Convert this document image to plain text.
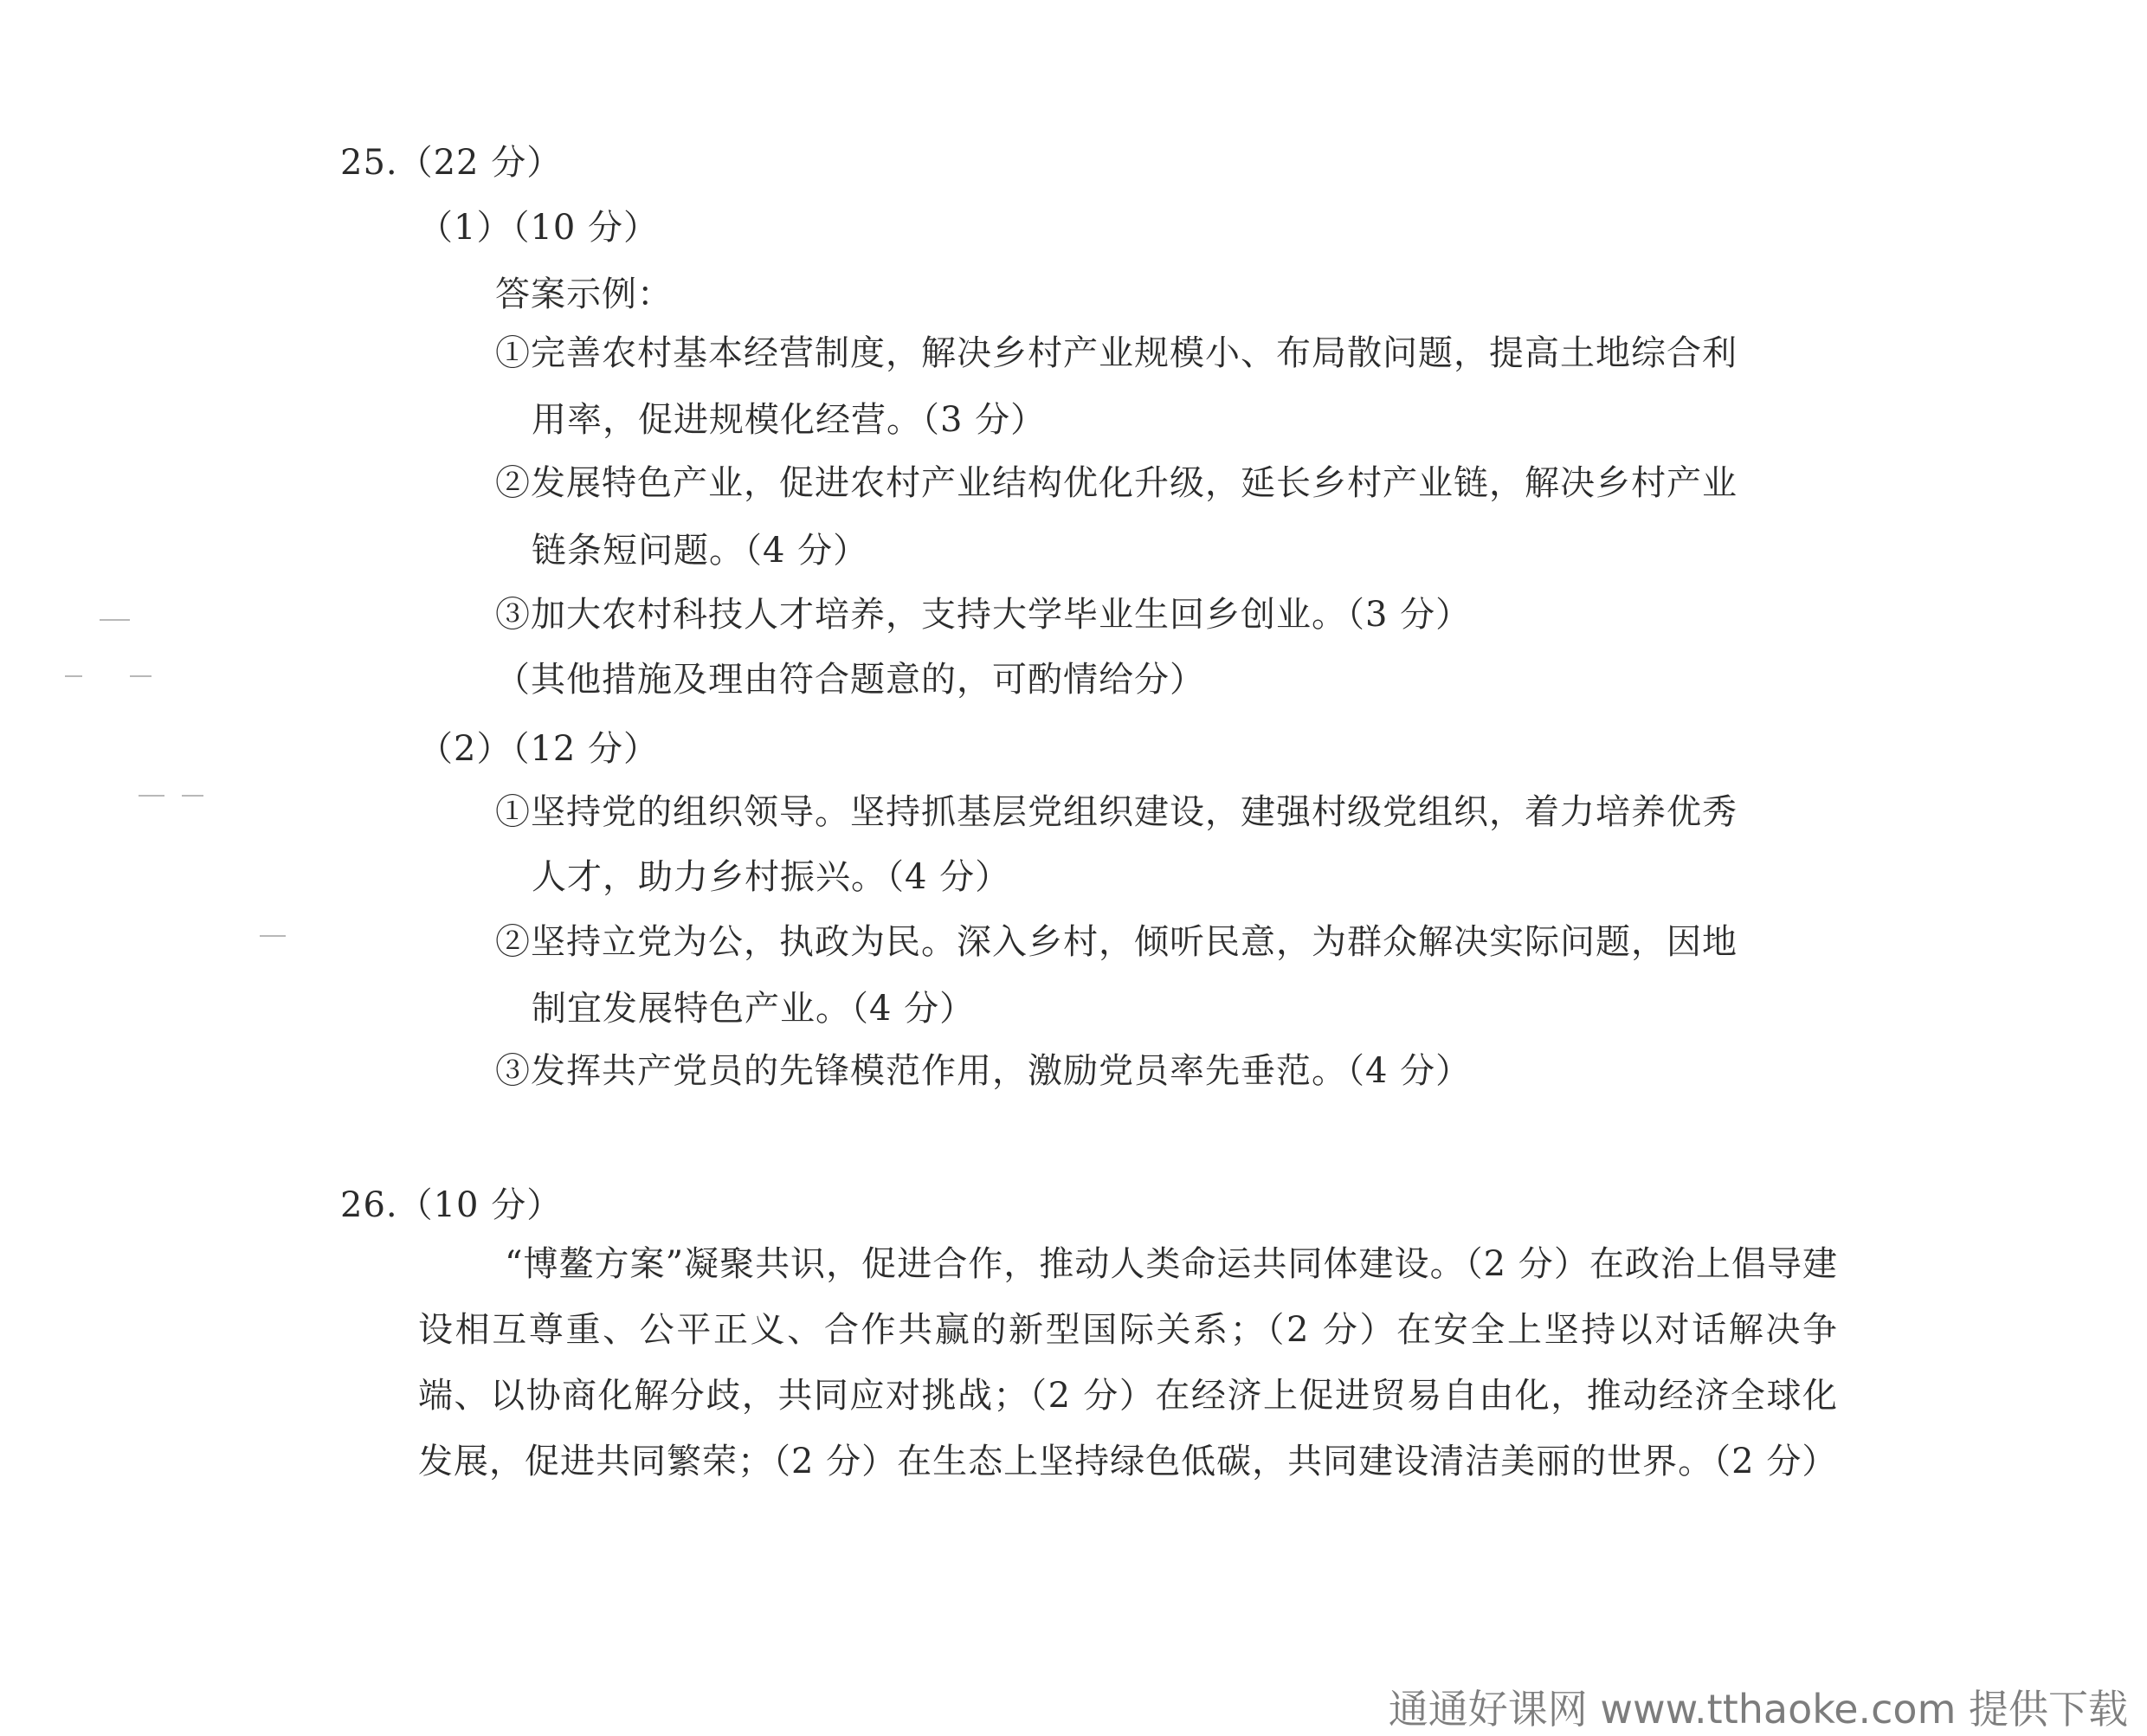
25.（22 分）
（1）（10 分）
答案示例：
①完善农村基本经营制度，解决乡村产业规模小、布局散问题，提高土地综合利
用率，促进规模化经营。（3 分）
②发展特色产业，促进农村产业结构优化升级，延长乡村产业链，解决乡村产业
链条短问题。（4 分）
③加大农村科技人才培养，支持大学毕业生回乡创业。（3 分）
（其他措施及理由符合题意的，可酌情给分）
（2）（12 分）
①坚持党的组织领导。坚持抓基层党组织建设，建强村级党组织，着力培养优秀
人才，助力乡村振兴。（4 分）
②坚持立党为公，执政为民。深入乡村，倾听民意，为群众解决实际问题，因地
制宜发展特色产业。（4 分）
③发挥共产党员的先锋模范作用，激励党员率先垂范。（4 分）
26.（10 分）
“博鳌方案”凝聚共识，促进合作，推动人类命运共同体建设。（2 分）在政治上倡导建设相互尊重、公平正义、合作共赢的新型国际关系；（2 分）在安全上坚持以对话解决争端、以协商化解分歧，共同应对挑战；（2 分）在经济上促进贸易自由化，推动经济全球化发展，促进共同繁荣；（2 分）在生态上坚持绿色低碳，共同建设清洁美丽的世界。（2 分）
通通好课网 www.tthaoke.com 提供下载
